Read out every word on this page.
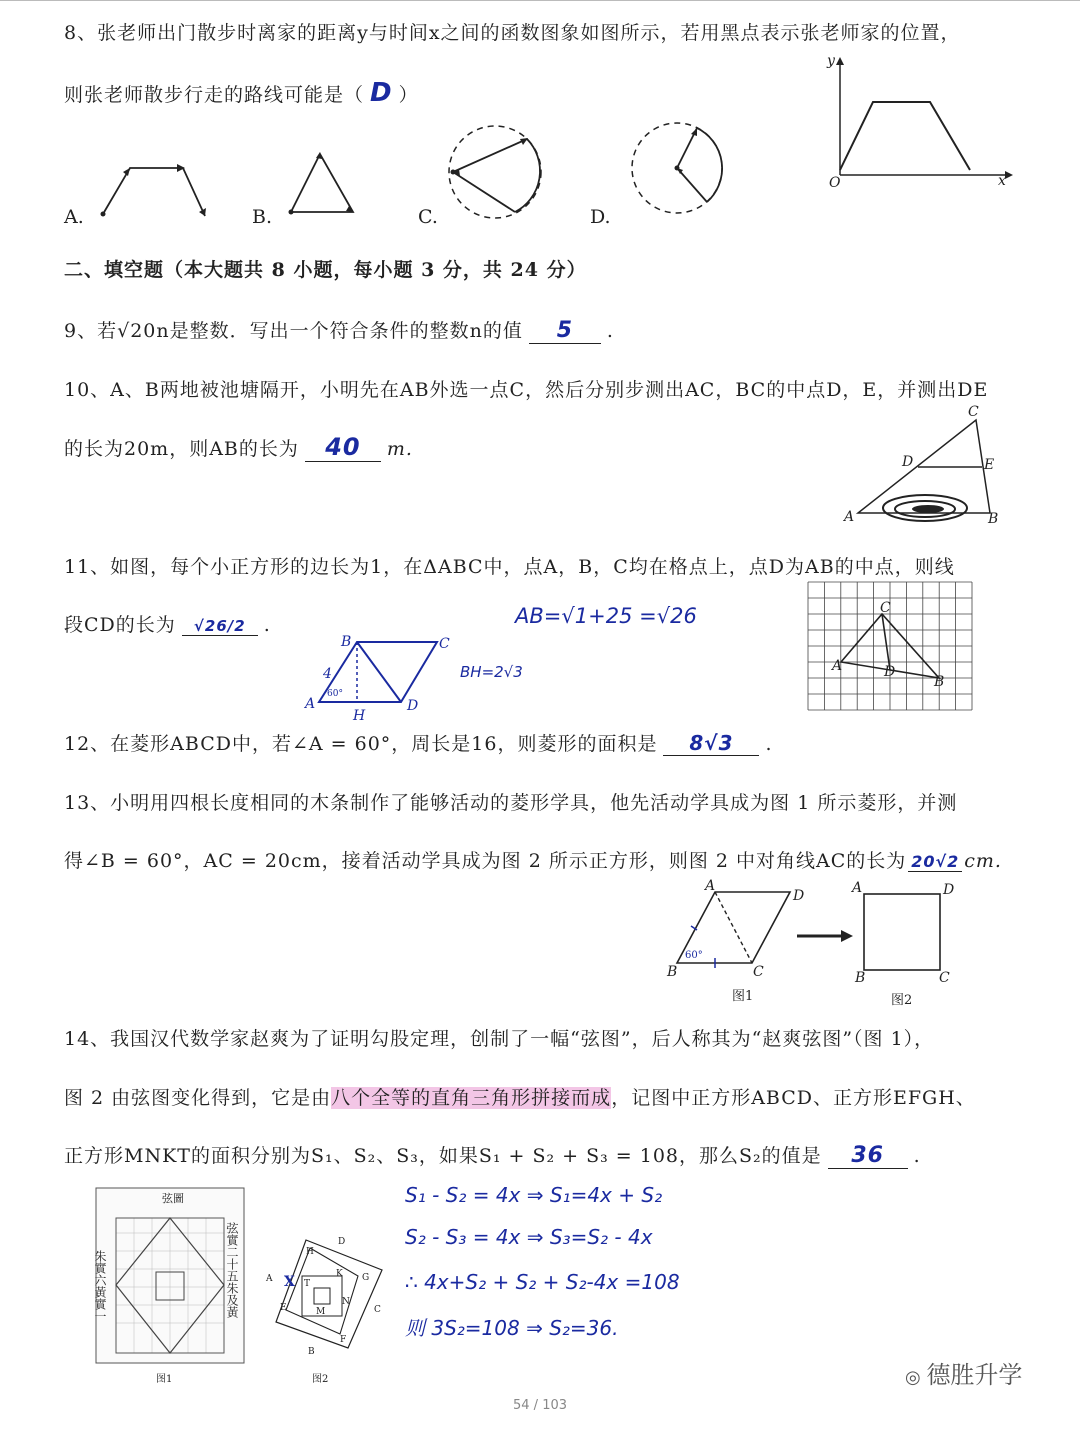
8、张老师出门散步时离家的距离y与时间x之间的函数图象如图所示，若用黑点表示张老师家的位置，
则张老师散步行走的路线可能是（ D ）
y
x
O
A.	B.	C.	D.
二、填空题（本大题共 8 小题，每小题 3 分，共 24 分）
9、若√20n是整数．写出一个符合条件的整数n的值 5 .
10、A、B两地被池塘隔开，小明先在AB外选一点C，然后分别步测出AC，BC的中点D，E，并测出DE
的长为20m，则AB的长为 40 m.
A	B
C
D	E
11、如图，每个小正方形的边长为1，在ΔABC中，点A，B，C均在格点上，点D为AB的中点，则线
段CD的长为 √26/2 .	AB=√1+25 =√26
BH=2√3
B	C
A	D
H
4
60°
A
B
C
D
12、在菱形ABCD中，若∠A = 60°，周长是16，则菱形的面积是 8√3 .
13、小明用四根长度相同的木条制作了能够活动的菱形学具，他先活动学具成为图 1 所示菱形，并测
得∠B = 60°，AC = 20cm，接着活动学具成为图 2 所示正方形，则图 2 中对角线AC的长为 20√2 cm.
60°
A
B	C
D
图1
A
B	C
D
图2
14、我国汉代数学家赵爽为了证明勾股定理，创制了一幅“弦图”，后人称其为“赵爽弦图”（图 1），
图 2 由弦图变化得到，它是由八个全等的直角三角形拼接而成，记图中正方形ABCD、正方形EFGH、
正方形MNKT的面积分别为S₁、S₂、S₃，如果S₁ + S₂ + S₃ = 108，那么S₂的值是 36 .
S₁ - S₂ = 4x ⇒ S₁=4x + S₂
S₂ - S₃ = 4x ⇒ S₃=S₂ - 4x
∴ 4x+S₂ + S₂ + S₂-4x =108
则 3S₂=108 ⇒ S₂=36.
弦圖
朱實六黃實一	弦實二十五朱及黃
图1
A
B
C
D
E
F
G
H
M
N
K
T
X
图2	◎ 德胜升学
54 / 103
